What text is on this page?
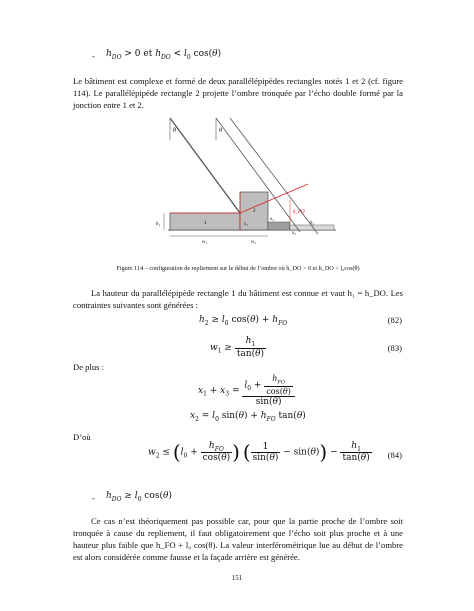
- $h_{DO} > 0$ et $h_{DO} < l_0$ cos(θ)
Le bâtiment est complexe et formé de deux parallélépipèdes rectangles notés 1 et 2 (cf. figure 114). Le parallélépipède rectangle 2 projette l’ombre tronquée par l’écho double formé par la jonction entre 1 et 2.
θ	θ
h₁	1
2
w₁	w₂
x₁
x₂
x₃
h_FO
h₂
Figure 114 – configuration de repliement sur le début de l’ombre où h_DO > 0 et h_DO < l₀cos(θ)
La hauteur du parallélépipède rectangle 1 du bâtiment est connue et vaut h₁ = h_DO. Les contraintes suivantes sont générées :
$h_2 \ge l_0$ $\cos(\theta) + h_{FO}$	(82)
$w_1 \ge \frac{h_1}{\tan(\theta)}$	(83)
De plus :
$x_1 + x_3 = \frac{l_0 + \frac{h_{FO}}{\cos(\theta)}}{\sin(\theta)}$
$x_2 = l_0$ $\sin(\theta) + h_{FO}$ tan(θ)
D’où
$w_2 \le (l_0 + \frac{h_{FO}}{\cos(\theta)}$ ) ( $\frac{1}{\sin(\theta)} - \sin(\theta)) - \frac{h_1}{\tan(\theta)} (84)$
- $h_{DO} \ge l_0$ cos(θ)
Ce cas n’est théoriquement pas possible car, pour que la partie proche de l’ombre soit tronquée à cause du repliement, il faut obligatoirement que l’écho soit plus proche et à une hauteur plus faible que h_FO + l₀ cos(θ). La valeur interférométrique lue au début de l’ombre est alors considérée comme fausse et la façade arrière est générée.
151
